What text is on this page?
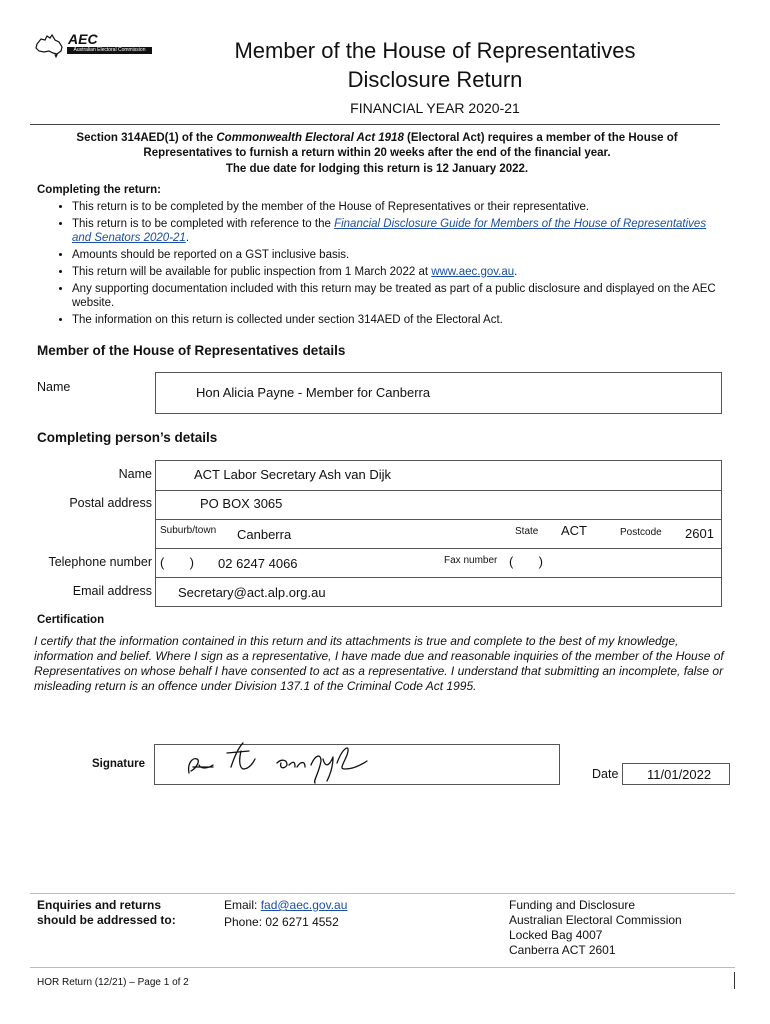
AEC
Australian Electoral Commission	Member of the House of Representatives
Disclosure Return
FINANCIAL YEAR 2020-21
Section 314AED(1) of the Commonwealth Electoral Act 1918 (Electoral Act) requires a member of the House of Representatives to furnish a return within 20 weeks after the end of the financial year.
The due date for lodging this return is 12 January 2022.
Completing the return:
• This return is to be completed by the member of the House of Representatives or their representative.
• This return is to be completed with reference to the Financial Disclosure Guide for Members of the House of Representatives and Senators 2020-21.
• Amounts should be reported on a GST inclusive basis.
• This return will be available for public inspection from 1 March 2022 at www.aec.gov.au.
• Any supporting documentation included with this return may be treated as part of a public disclosure and displayed on the AEC website.
• The information on this return is collected under section 314AED of the Electoral Act.
Member of the House of Representatives details
Name	Hon Alicia Payne - Member for Canberra
Completing person’s details
Name	ACT Labor Secretary Ash van Dijk
Postal address	PO BOX 3065
Suburb/town Canberra	State ACT	Postcode 2601
Telephone number (       ) 02 6247 4066	Fax number (       )
Email address Secretary@act.alp.org.au
Certification
I certify that the information contained in this return and its attachments is true and complete to the best of my knowledge, information and belief. Where I sign as a representative, I have made due and reasonable inquiries of the member of the House of Representatives on whose behalf I have consented to act as a representative. I understand that submitting an incomplete, false or misleading return is an offence under Division 137.1 of the Criminal Code Act 1995.
Signature
Date 11/01/2022
Enquiries and returns
should be addressed to:
Email: fad@aec.gov.au
Phone: 02 6271 4552
Funding and Disclosure
Australian Electoral Commission
Locked Bag 4007
Canberra ACT 2601
HOR Return (12/21) – Page 1 of 2
